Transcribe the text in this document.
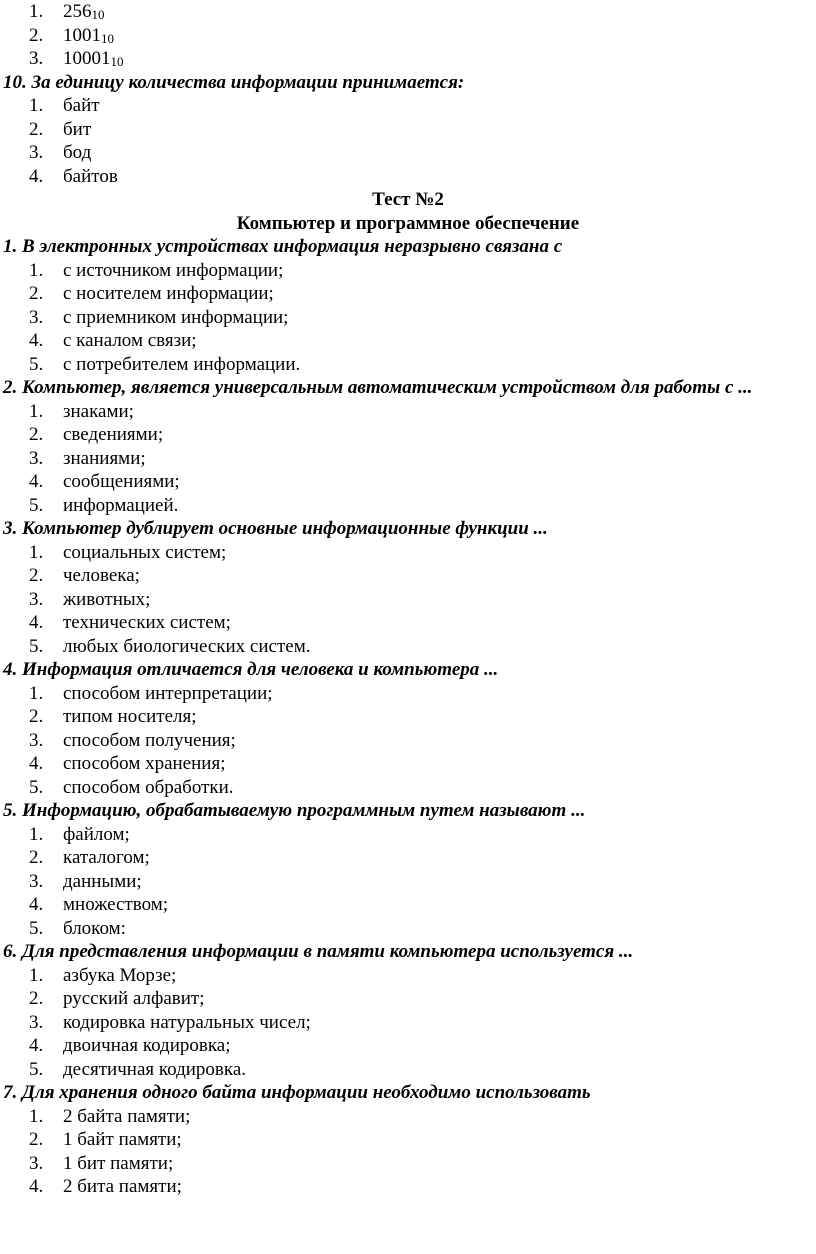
1. $256_{10}$
2. $1001_{10}$
3. $10001_{10}$
10. За единицу количества информации принимается:
1. байт
2. бит
3. бод
4. байтов
Тест №2
Компьютер и программное обеспечение
1. В электронных устройствах информация неразрывно связана с
1. с источником информации;
2. с носителем информации;
3. с приемником информации;
4. с каналом связи;
5. с потребителем информации.
2. Компьютер, является универсальным автоматическим устройством для работы с ...
1. знаками;
2. сведениями;
3. знаниями;
4. сообщениями;
5. информацией.
3. Компьютер дублирует основные информационные функции ...
1. социальных систем;
2. человека;
3. животных;
4. технических систем;
5. любых биологических систем.
4. Информация отличается для человека и компьютера ...
1. способом интерпретации;
2. типом носителя;
3. способом получения;
4. способом хранения;
5. способом обработки.
5. Информацию, обрабатываемую программным путем называют ...
1. файлом;
2. каталогом;
3. данными;
4. множеством;
5. блоком:
6. Для представления информации в памяти компьютера используется ...
1. азбука Морзе;
2. русский алфавит;
3. кодировка натуральных чисел;
4. двоичная кодировка;
5. десятичная кодировка.
7. Для хранения одного байта информации необходимо использовать
1. 2 байта памяти;
2. 1 байт памяти;
3. 1 бит памяти;
4. 2 бита памяти;
